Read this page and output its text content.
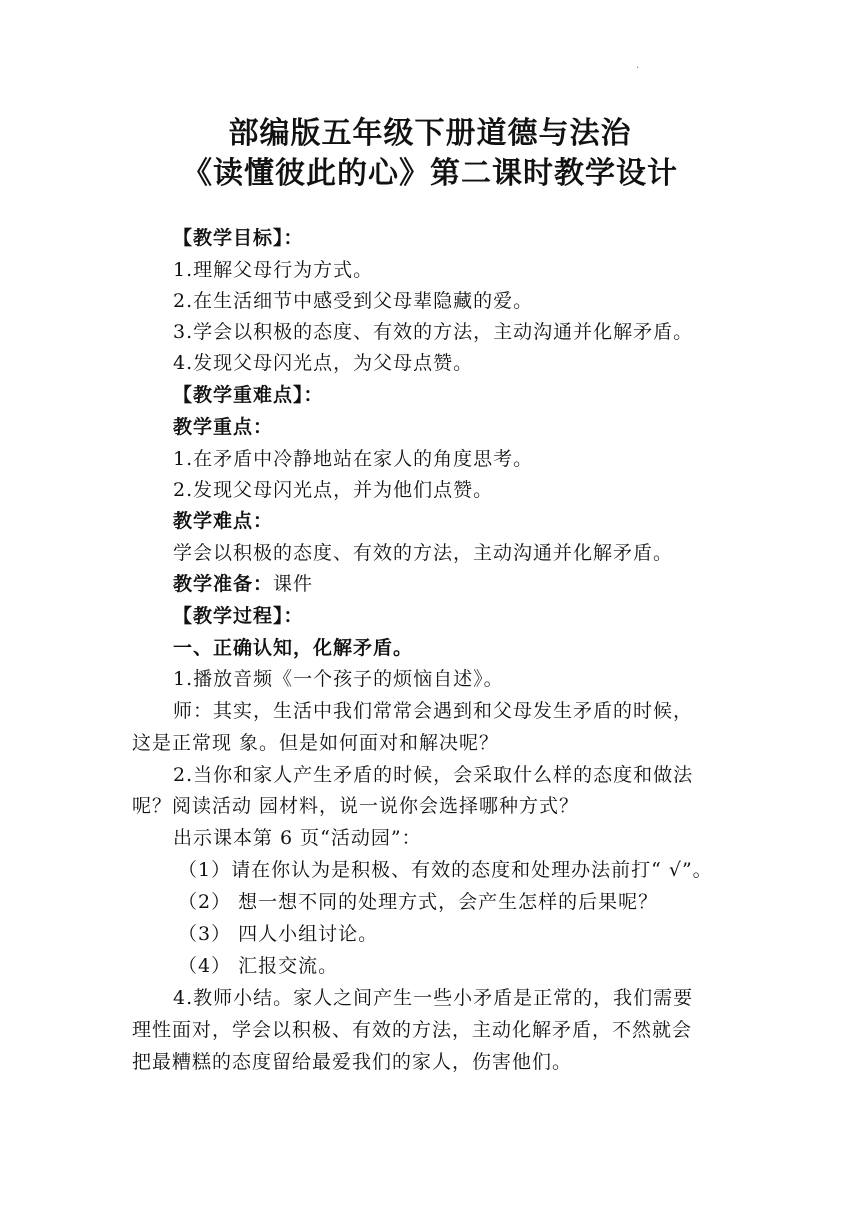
.
部编版五年级下册道德与法治
《读懂彼此的心》第二课时教学设计
【教学目标】：
1.理解父母行为方式。
2.在生活细节中感受到父母辈隐藏的爱。
3.学会以积极的态度、有效的方法，主动沟通并化解矛盾。
4.发现父母闪光点，为父母点赞。
【教学重难点】：
教学重点：
1.在矛盾中冷静地站在家人的角度思考。
2.发现父母闪光点，并为他们点赞。
教学难点：
学会以积极的态度、有效的方法，主动沟通并化解矛盾。
教学准备：课件
【教学过程】：
一、正确认知，化解矛盾。
1.播放音频《一个孩子的烦恼自述》。
师：其实，生活中我们常常会遇到和父母发生矛盾的时候，
这是正常现 象。但是如何面对和解决呢？
2.当你和家人产生矛盾的时候，会采取什么样的态度和做法
呢？阅读活动 园材料，说一说你会选择哪种方式？
出示课本第 6 页“活动园”：
（1）请在你认为是积极、有效的态度和处理办法前打“ √”。
（2） 想一想不同的处理方式，会产生怎样的后果呢？
（3） 四人小组讨论。
（4） 汇报交流。
4.教师小结。家人之间产生一些小矛盾是正常的，我们需要
理性面对，学会以积极、有效的方法，主动化解矛盾，不然就会
把最糟糕的态度留给最爱我们的家人，伤害他们。
